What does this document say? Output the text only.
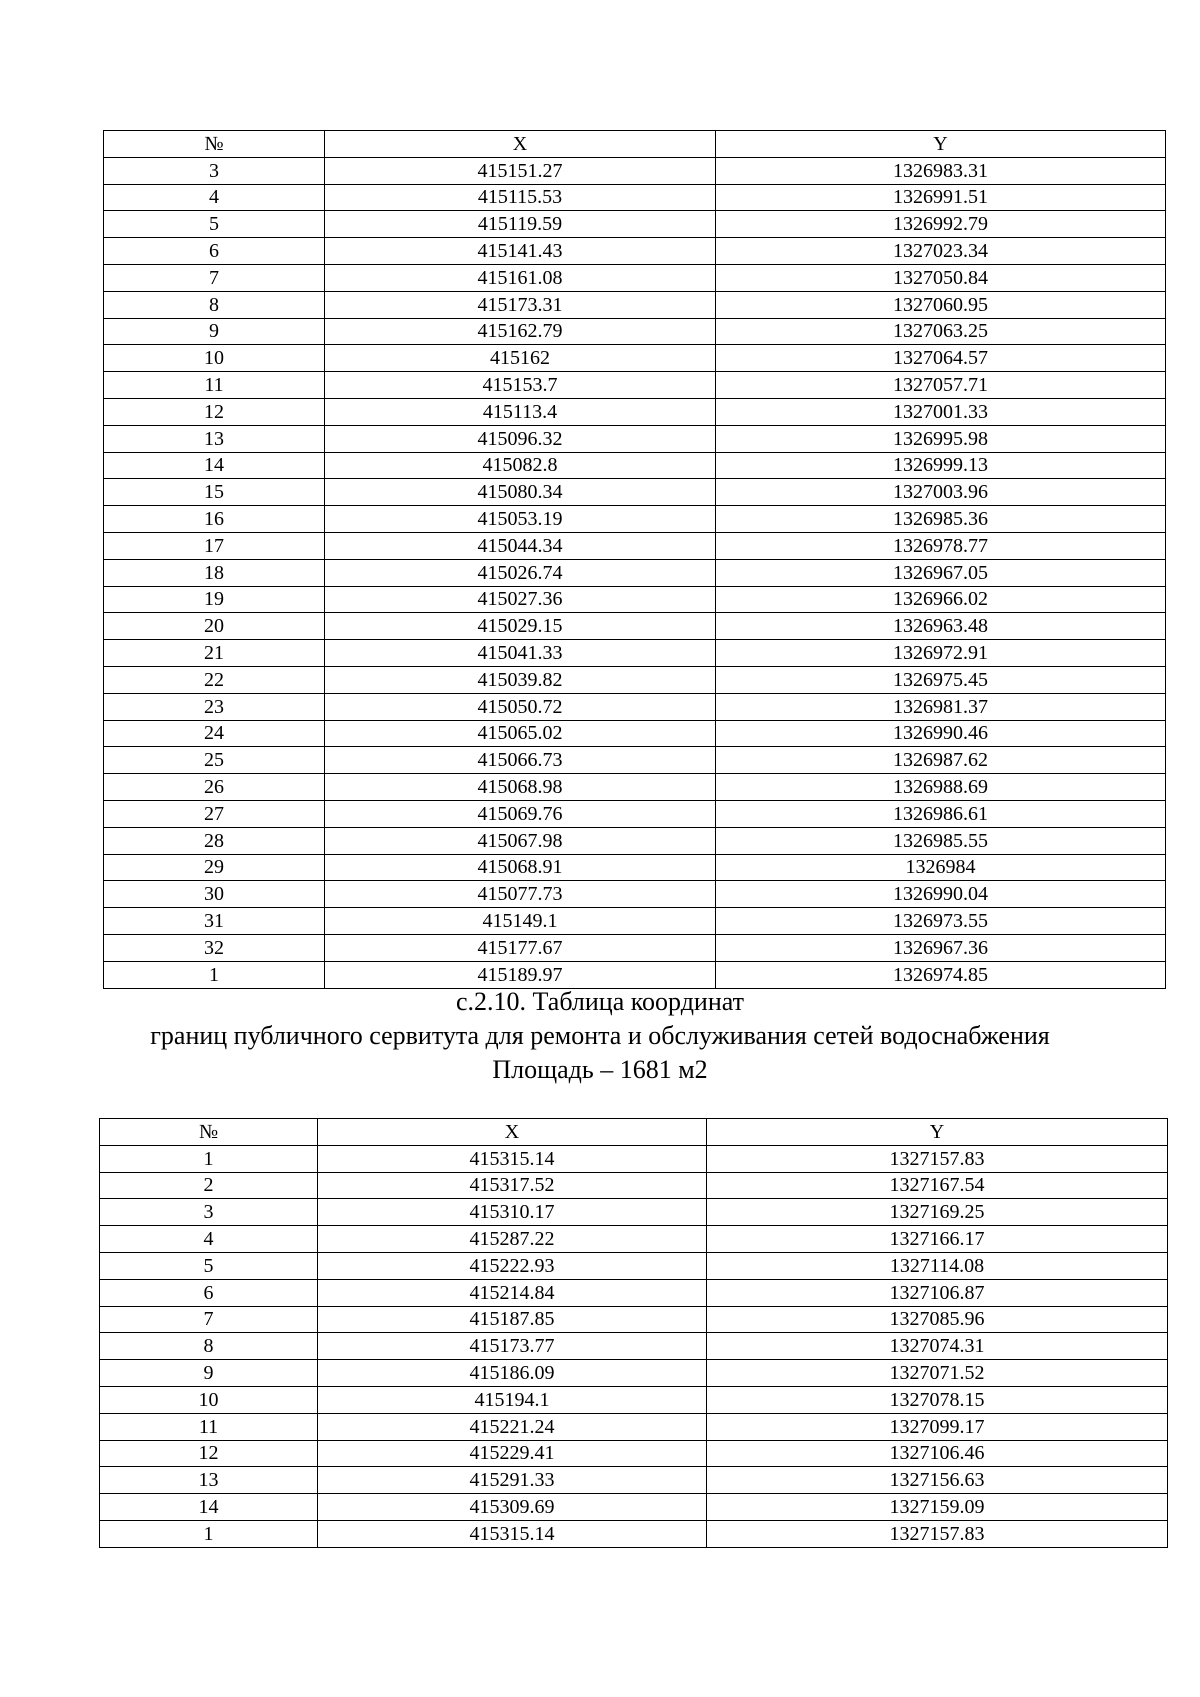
№	X	Y
3	415151.27	1326983.31
4	415115.53	1326991.51
5	415119.59	1326992.79
6	415141.43	1327023.34
7	415161.08	1327050.84
8	415173.31	1327060.95
9	415162.79	1327063.25
10	415162	1327064.57
11	415153.7	1327057.71
12	415113.4	1327001.33
13	415096.32	1326995.98
14	415082.8	1326999.13
15	415080.34	1327003.96
16	415053.19	1326985.36
17	415044.34	1326978.77
18	415026.74	1326967.05
19	415027.36	1326966.02
20	415029.15	1326963.48
21	415041.33	1326972.91
22	415039.82	1326975.45
23	415050.72	1326981.37
24	415065.02	1326990.46
25	415066.73	1326987.62
26	415068.98	1326988.69
27	415069.76	1326986.61
28	415067.98	1326985.55
29	415068.91	1326984
30	415077.73	1326990.04
31	415149.1	1326973.55
32	415177.67	1326967.36
1	415189.97	1326974.85
с.2.10. Таблица координат
границ публичного сервитута для ремонта и обслуживания сетей водоснабжения
Площадь – 1681 м2
№	X	Y
1	415315.14	1327157.83
2	415317.52	1327167.54
3	415310.17	1327169.25
4	415287.22	1327166.17
5	415222.93	1327114.08
6	415214.84	1327106.87
7	415187.85	1327085.96
8	415173.77	1327074.31
9	415186.09	1327071.52
10	415194.1	1327078.15
11	415221.24	1327099.17
12	415229.41	1327106.46
13	415291.33	1327156.63
14	415309.69	1327159.09
1	415315.14	1327157.83
